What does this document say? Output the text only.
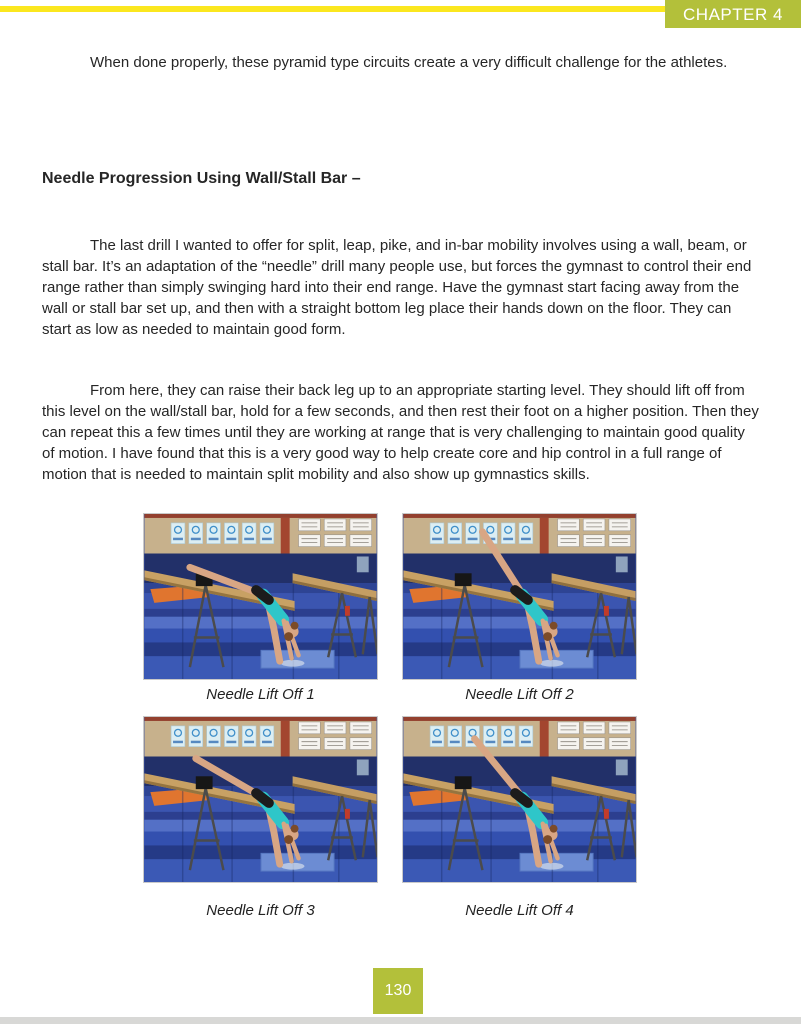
CHAPTER 4

When done properly, these pyramid type circuits create a very difficult challenge for the athletes.

Needle Progression Using Wall/Stall Bar –

The last drill I wanted to offer for split, leap, pike, and in-bar mobility involves using a wall, beam, or stall bar. It’s an adaptation of the “needle” drill many people use, but forces the gymnast to control their end range rather than simply swinging hard into their end range. Have the gymnast start facing away from the wall or stall bar set up, and then with a straight bottom leg place their hands down on the floor. They can start as low as needed to maintain good form.

From here, they can raise their back leg up to an appropriate starting level. They should lift off from this level on the wall/stall bar, hold for a few seconds, and then rest their foot on a higher position. Then they can repeat this a few times until they are working at range that is very challenging to maintain good quality of motion. I have found that this is a very good way to help create core and hip control in a full range of motion that is needed to maintain split mobility and also show up gymnastics skills.

Needle Lift Off 1	Needle Lift Off 2
Needle Lift Off 3	Needle Lift Off 4
130
